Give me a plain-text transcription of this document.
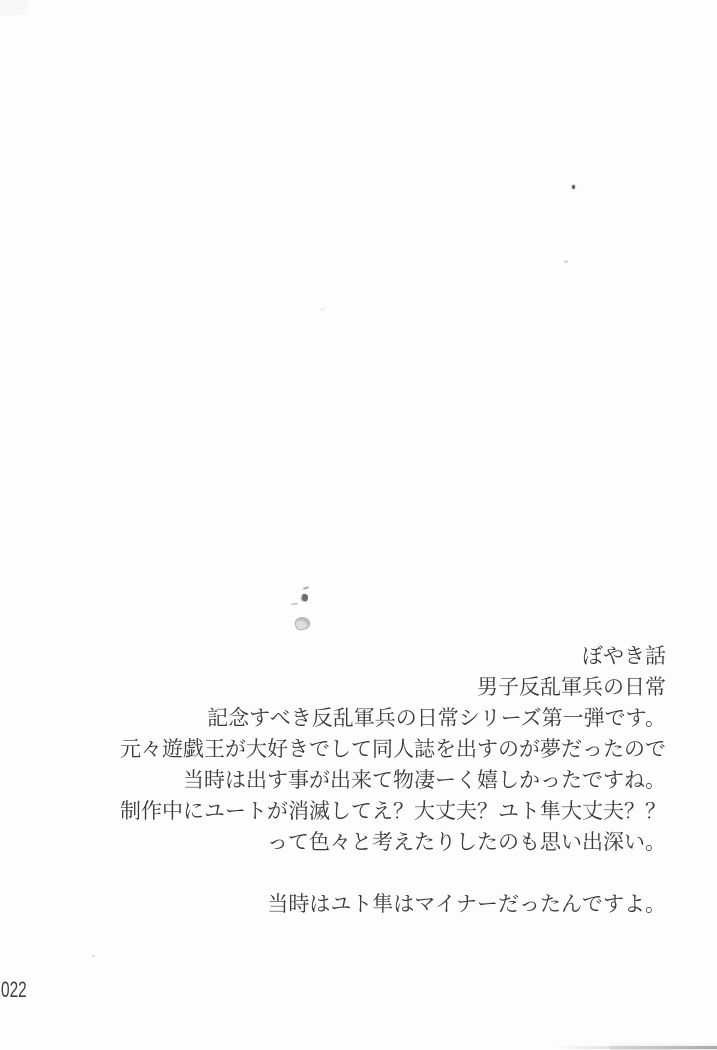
ぼやき話
男子反乱軍兵の日常
記念すべき反乱軍兵の日常シリーズ第一弾です。
元々遊戯王が大好きでして同人誌を出すのが夢だったので
当時は出す事が出来て物凄ーく嬉しかったですね。
制作中にユートが消滅してえ？大丈夫？ユト隼大丈夫？？
って色々と考えたりしたのも思い出深い。
当時はユト隼はマイナーだったんですよ。
022
